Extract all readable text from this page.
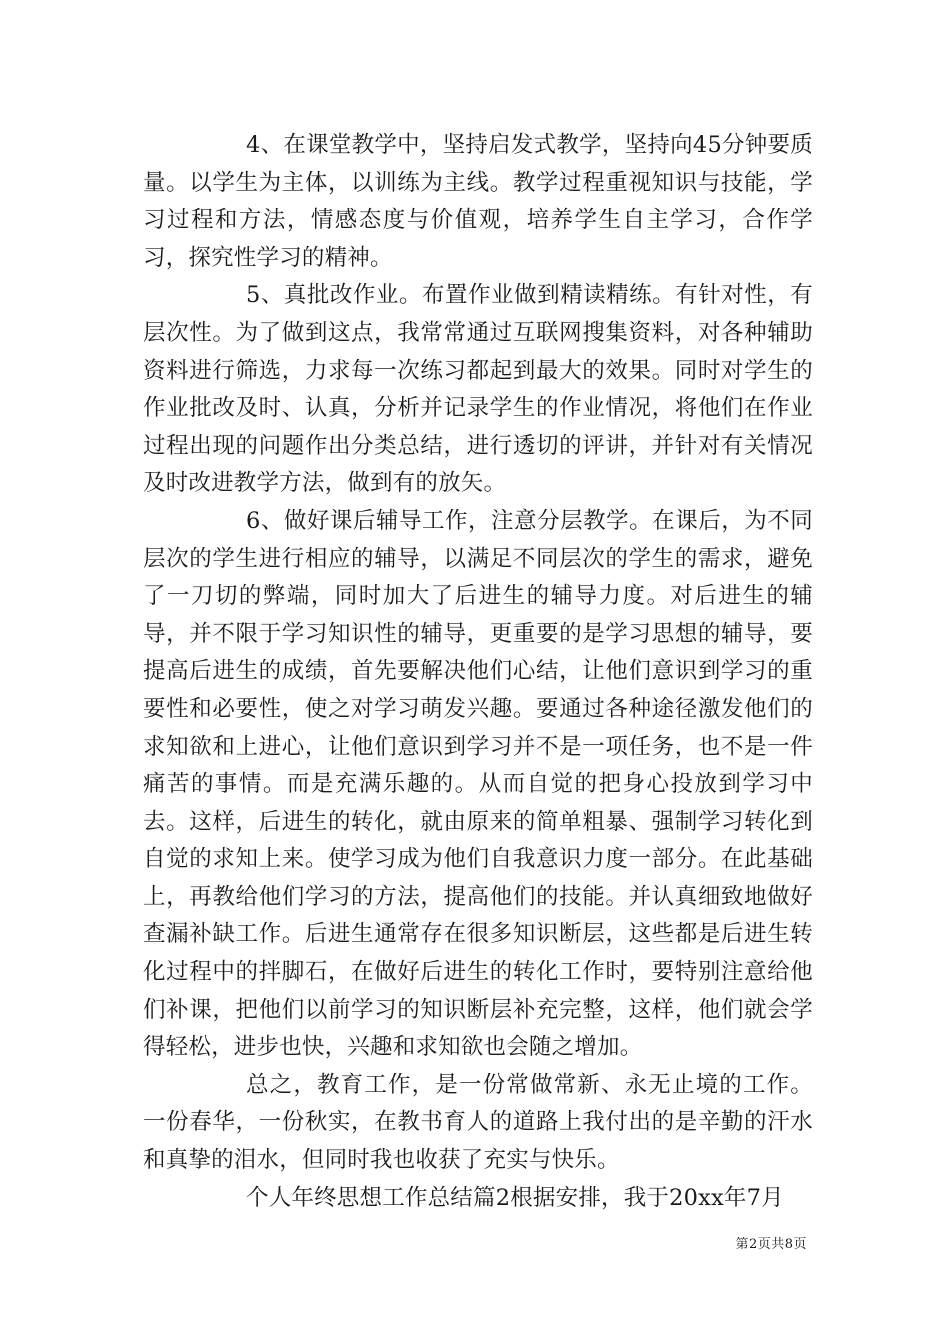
4、在课堂教学中，坚持启发式教学，坚持向45分钟要质量。以学生为主体，以训练为主线。教学过程重视知识与技能，学习过程和方法，情感态度与价值观，培养学生自主学习，合作学习，探究性学习的精神。

5、真批改作业。布置作业做到精读精练。有针对性，有层次性。为了做到这点，我常常通过互联网搜集资料，对各种辅助资料进行筛选，力求每一次练习都起到最大的效果。同时对学生的作业批改及时、认真，分析并记录学生的作业情况，将他们在作业过程出现的问题作出分类总结，进行透切的评讲，并针对有关情况及时改进教学方法，做到有的放矢。

6、做好课后辅导工作，注意分层教学。在课后，为不同层次的学生进行相应的辅导，以满足不同层次的学生的需求，避免了一刀切的弊端，同时加大了后进生的辅导力度。对后进生的辅导，并不限于学习知识性的辅导，更重要的是学习思想的辅导，要提高后进生的成绩，首先要解决他们心结，让他们意识到学习的重要性和必要性，使之对学习萌发兴趣。要通过各种途径激发他们的求知欲和上进心，让他们意识到学习并不是一项任务，也不是一件痛苦的事情。而是充满乐趣的。从而自觉的把身心投放到学习中去。这样，后进生的转化，就由原来的简单粗暴、强制学习转化到自觉的求知上来。使学习成为他们自我意识力度一部分。在此基础上，再教给他们学习的方法，提高他们的技能。并认真细致地做好查漏补缺工作。后进生通常存在很多知识断层，这些都是后进生转化过程中的拌脚石，在做好后进生的转化工作时，要特别注意给他们补课，把他们以前学习的知识断层补充完整，这样，他们就会学得轻松，进步也快，兴趣和求知欲也会随之增加。

总之，教育工作，是一份常做常新、永无止境的工作。一份春华，一份秋实，在教书育人的道路上我付出的是辛勤的汗水和真挚的泪水，但同时我也收获了充实与快乐。

个人年终思想工作总结篇2根据安排，我于20xx年7月

第2页共8页
